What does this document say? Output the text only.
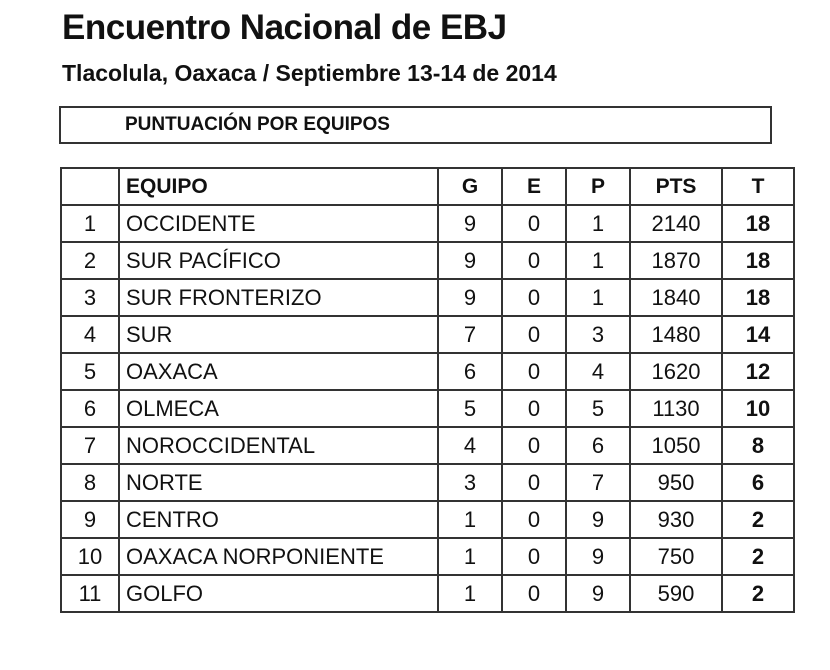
Encuentro Nacional de EBJ
Tlacolula, Oaxaca / Septiembre 13-14 de 2014
PUNTUACIÓN POR EQUIPOS
	EQUIPO	G	E	P	PTS	T
1	OCCIDENTE	9	0	1	2140	18
2	SUR PACÍFICO	9	0	1	1870	18
3	SUR FRONTERIZO	9	0	1	1840	18
4	SUR	7	0	3	1480	14
5	OAXACA	6	0	4	1620	12
6	OLMECA	5	0	5	1130	10
7	NOROCCIDENTAL	4	0	6	1050	8
8	NORTE	3	0	7	950	6
9	CENTRO	1	0	9	930	2
10	OAXACA NORPONIENTE	1	0	9	750	2
11	GOLFO	1	0	9	590	2
